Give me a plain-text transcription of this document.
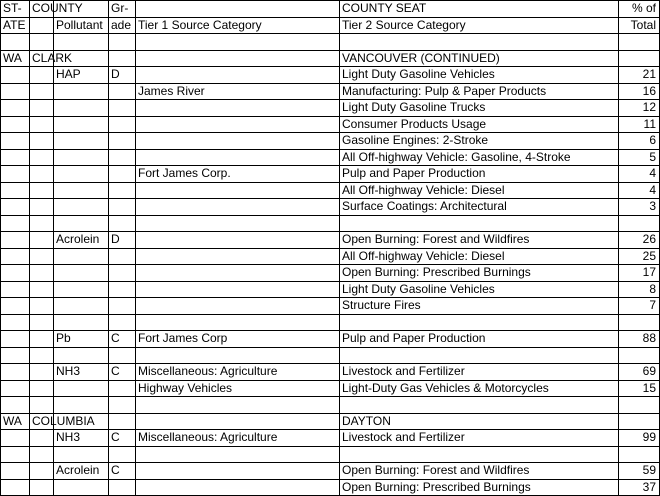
ST-	COUNTY		Gr-		COUNTY SEAT	% of
ATE		Pollutant	ade	Tier 1 Source Category	Tier 2 Source Category	Total

WA	CLARK				VANCOUVER (CONTINUED)	
		HAP	D		Light Duty Gasoline Vehicles	21
				James River	Manufacturing: Pulp & Paper Products	16
					Light Duty Gasoline Trucks	12
					Consumer Products Usage	11
					Gasoline Engines: 2-Stroke	6
					All Off-highway Vehicle: Gasoline, 4-Stroke	5
				Fort James Corp.	Pulp and Paper Production	4
					All Off-highway Vehicle: Diesel	4
					Surface Coatings: Architectural	3

		Acrolein	D		Open Burning: Forest and Wildfires	26
					All Off-highway Vehicle: Diesel	25
					Open Burning: Prescribed Burnings	17
					Light Duty Gasoline Vehicles	8
					Structure Fires	7

		Pb	C	Fort James Corp	Pulp and Paper Production	88

		NH3	C	Miscellaneous: Agriculture	Livestock and Fertilizer	69
				Highway Vehicles	Light-Duty Gas Vehicles & Motorcycles	15

WA	COLUMBIA				DAYTON	
		NH3	C	Miscellaneous: Agriculture	Livestock and Fertilizer	99

		Acrolein	C		Open Burning: Forest and Wildfires	59
					Open Burning: Prescribed Burnings	37
